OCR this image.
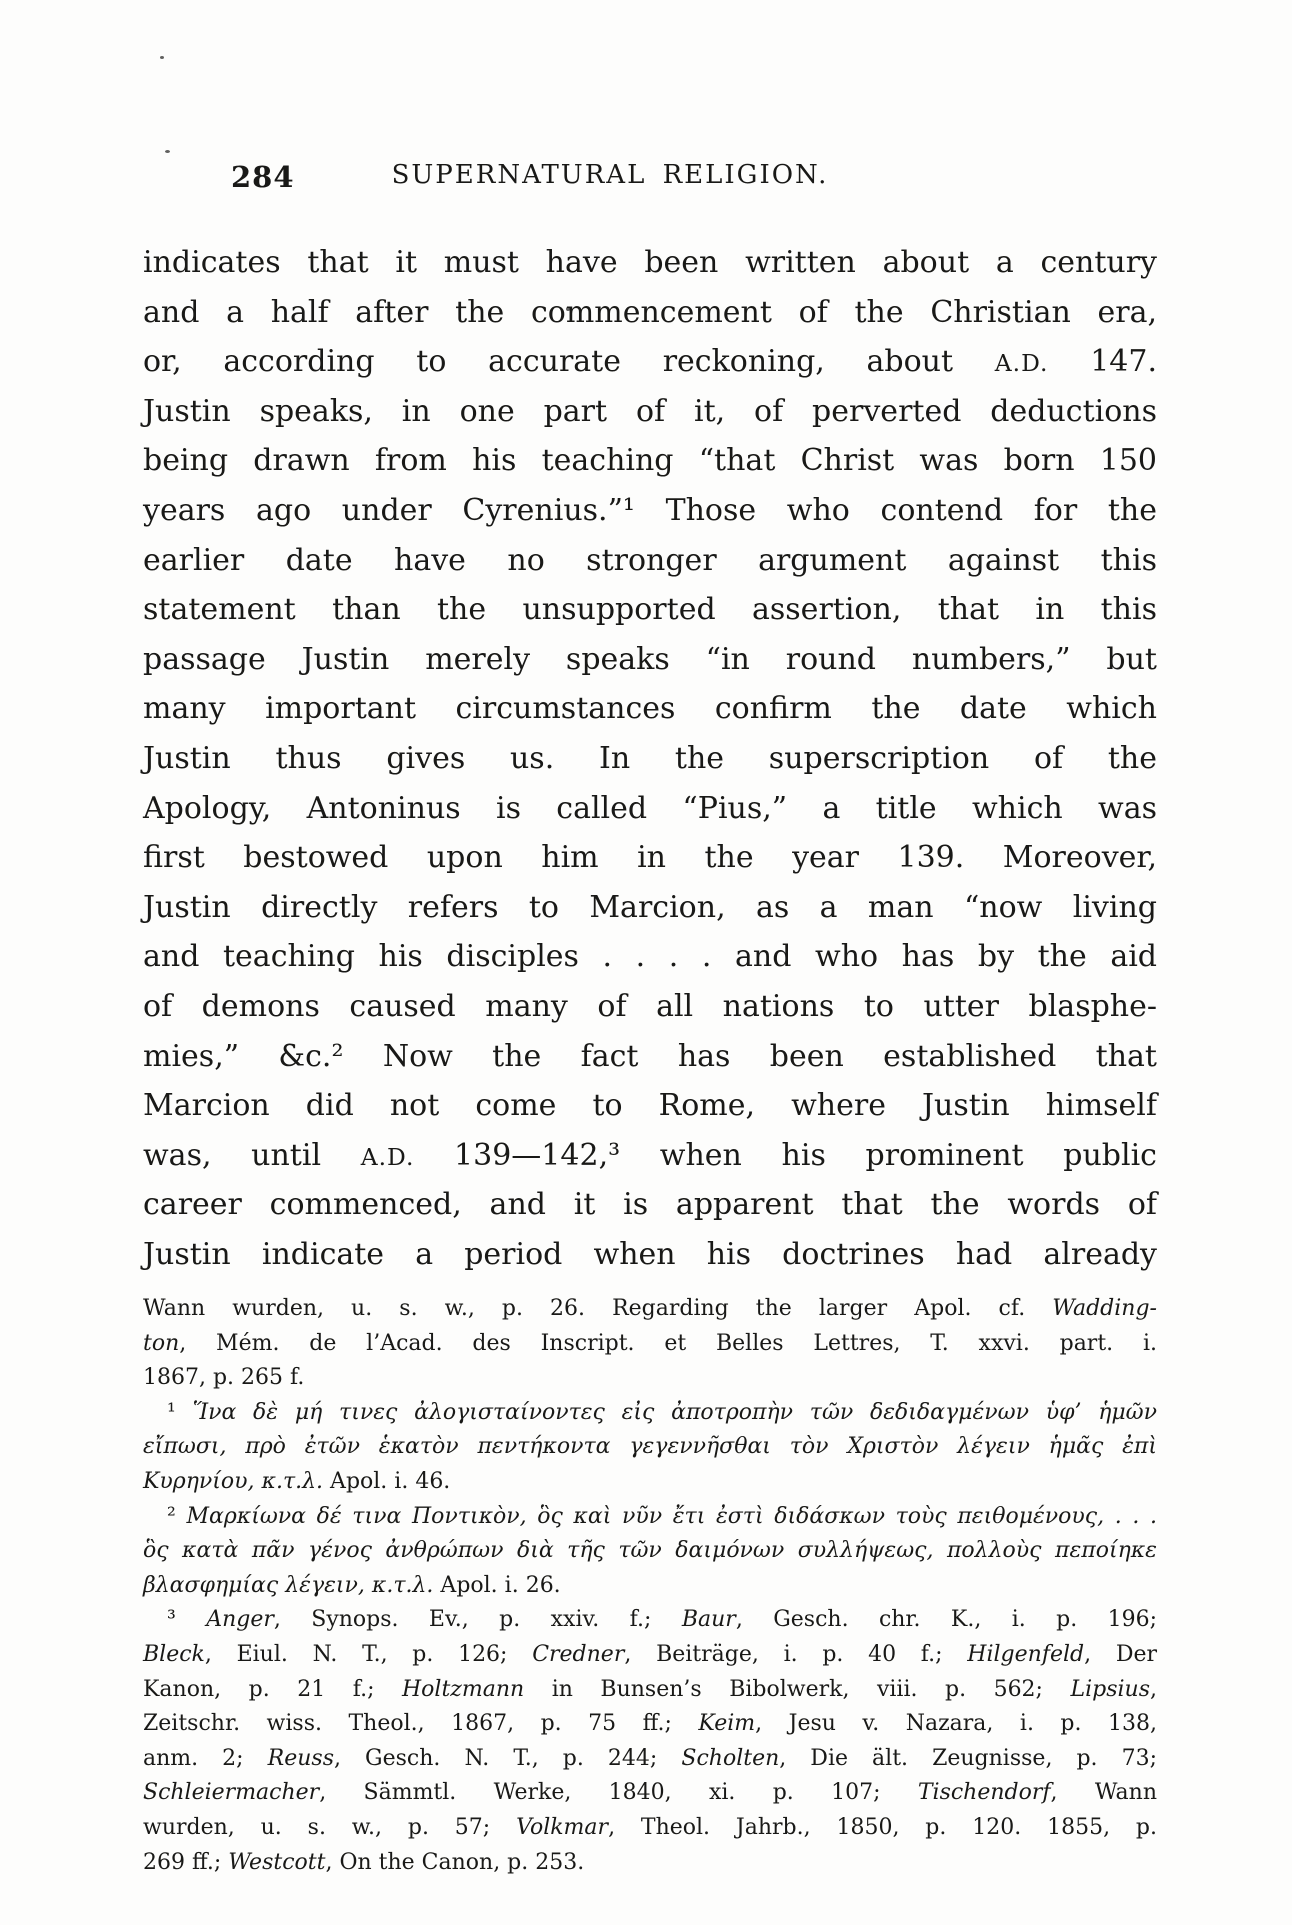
284	SUPERNATURAL RELIGION.
indicates that it must have been written about a century
and a half after the commencement of the Christian era,
or, according to accurate reckoning, about A.D. 147.
Justin speaks, in one part of it, of perverted deductions
being drawn from his teaching “that Christ was born 150
years ago under Cyrenius.”¹ Those who contend for the
earlier date have no stronger argument against this
statement than the unsupported assertion, that in this
passage Justin merely speaks “in round numbers,” but
many important circumstances confirm the date which
Justin thus gives us. In the superscription of the
Apology, Antoninus is called “Pius,” a title which was
first bestowed upon him in the year 139. Moreover,
Justin directly refers to Marcion, as a man “now living
and teaching his disciples . . . . and who has by the aid
of demons caused many of all nations to utter blasphe-
mies,” &c.² Now the fact has been established that
Marcion did not come to Rome, where Justin himself
was, until A.D. 139—142,³ when his prominent public
career commenced, and it is apparent that the words of
Justin indicate a period when his doctrines had already
Wann wurden, u. s. w., p. 26. Regarding the larger Apol. cf. Wadding-
ton, Mém. de l’Acad. des Inscript. et Belles Lettres, T. xxvi. part. i.
1867, p. 265 f.
¹ Ἵνα δὲ μή τινες ἀλογισταίνοντες εἰς ἀποτροπὴν τῶν δεδιδαγμένων ὑφ’ ἡμῶν
εἴπωσι, πρὸ ἐτῶν ἑκατὸν πεντήκοντα γεγεννῆσθαι τὸν Χριστὸν λέγειν ἡμᾶς ἐπὶ
Κυρηνίου, κ.τ.λ. Apol. i. 46.
² Μαρκίωνα δέ τινα Ποντικὸν, ὃς καὶ νῦν ἔτι ἐστὶ διδάσκων τοὺς πειθομένους, . . .
ὃς κατὰ πᾶν γένος ἀνθρώπων διὰ τῆς τῶν δαιμόνων συλλήψεως, πολλοὺς πεποίηκε
βλασφημίας λέγειν, κ.τ.λ. Apol. i. 26.
³ Anger, Synops. Ev., p. xxiv. f.; Baur, Gesch. chr. K., i. p. 196;
Bleck, Eiul. N. T., p. 126; Credner, Beiträge, i. p. 40 f.; Hilgenfeld, Der
Kanon, p. 21 f.; Holtzmann in Bunsen’s Bibolwerk, viii. p. 562; Lipsius,
Zeitschr. wiss. Theol., 1867, p. 75 ff.; Keim, Jesu v. Nazara, i. p. 138,
anm. 2; Reuss, Gesch. N. T., p. 244; Scholten, Die ält. Zeugnisse, p. 73;
Schleiermacher, Sämmtl. Werke, 1840, xi. p. 107; Tischendorf, Wann
wurden, u. s. w., p. 57; Volkmar, Theol. Jahrb., 1850, p. 120. 1855, p.
269 ff.; Westcott, On the Canon, p. 253.
